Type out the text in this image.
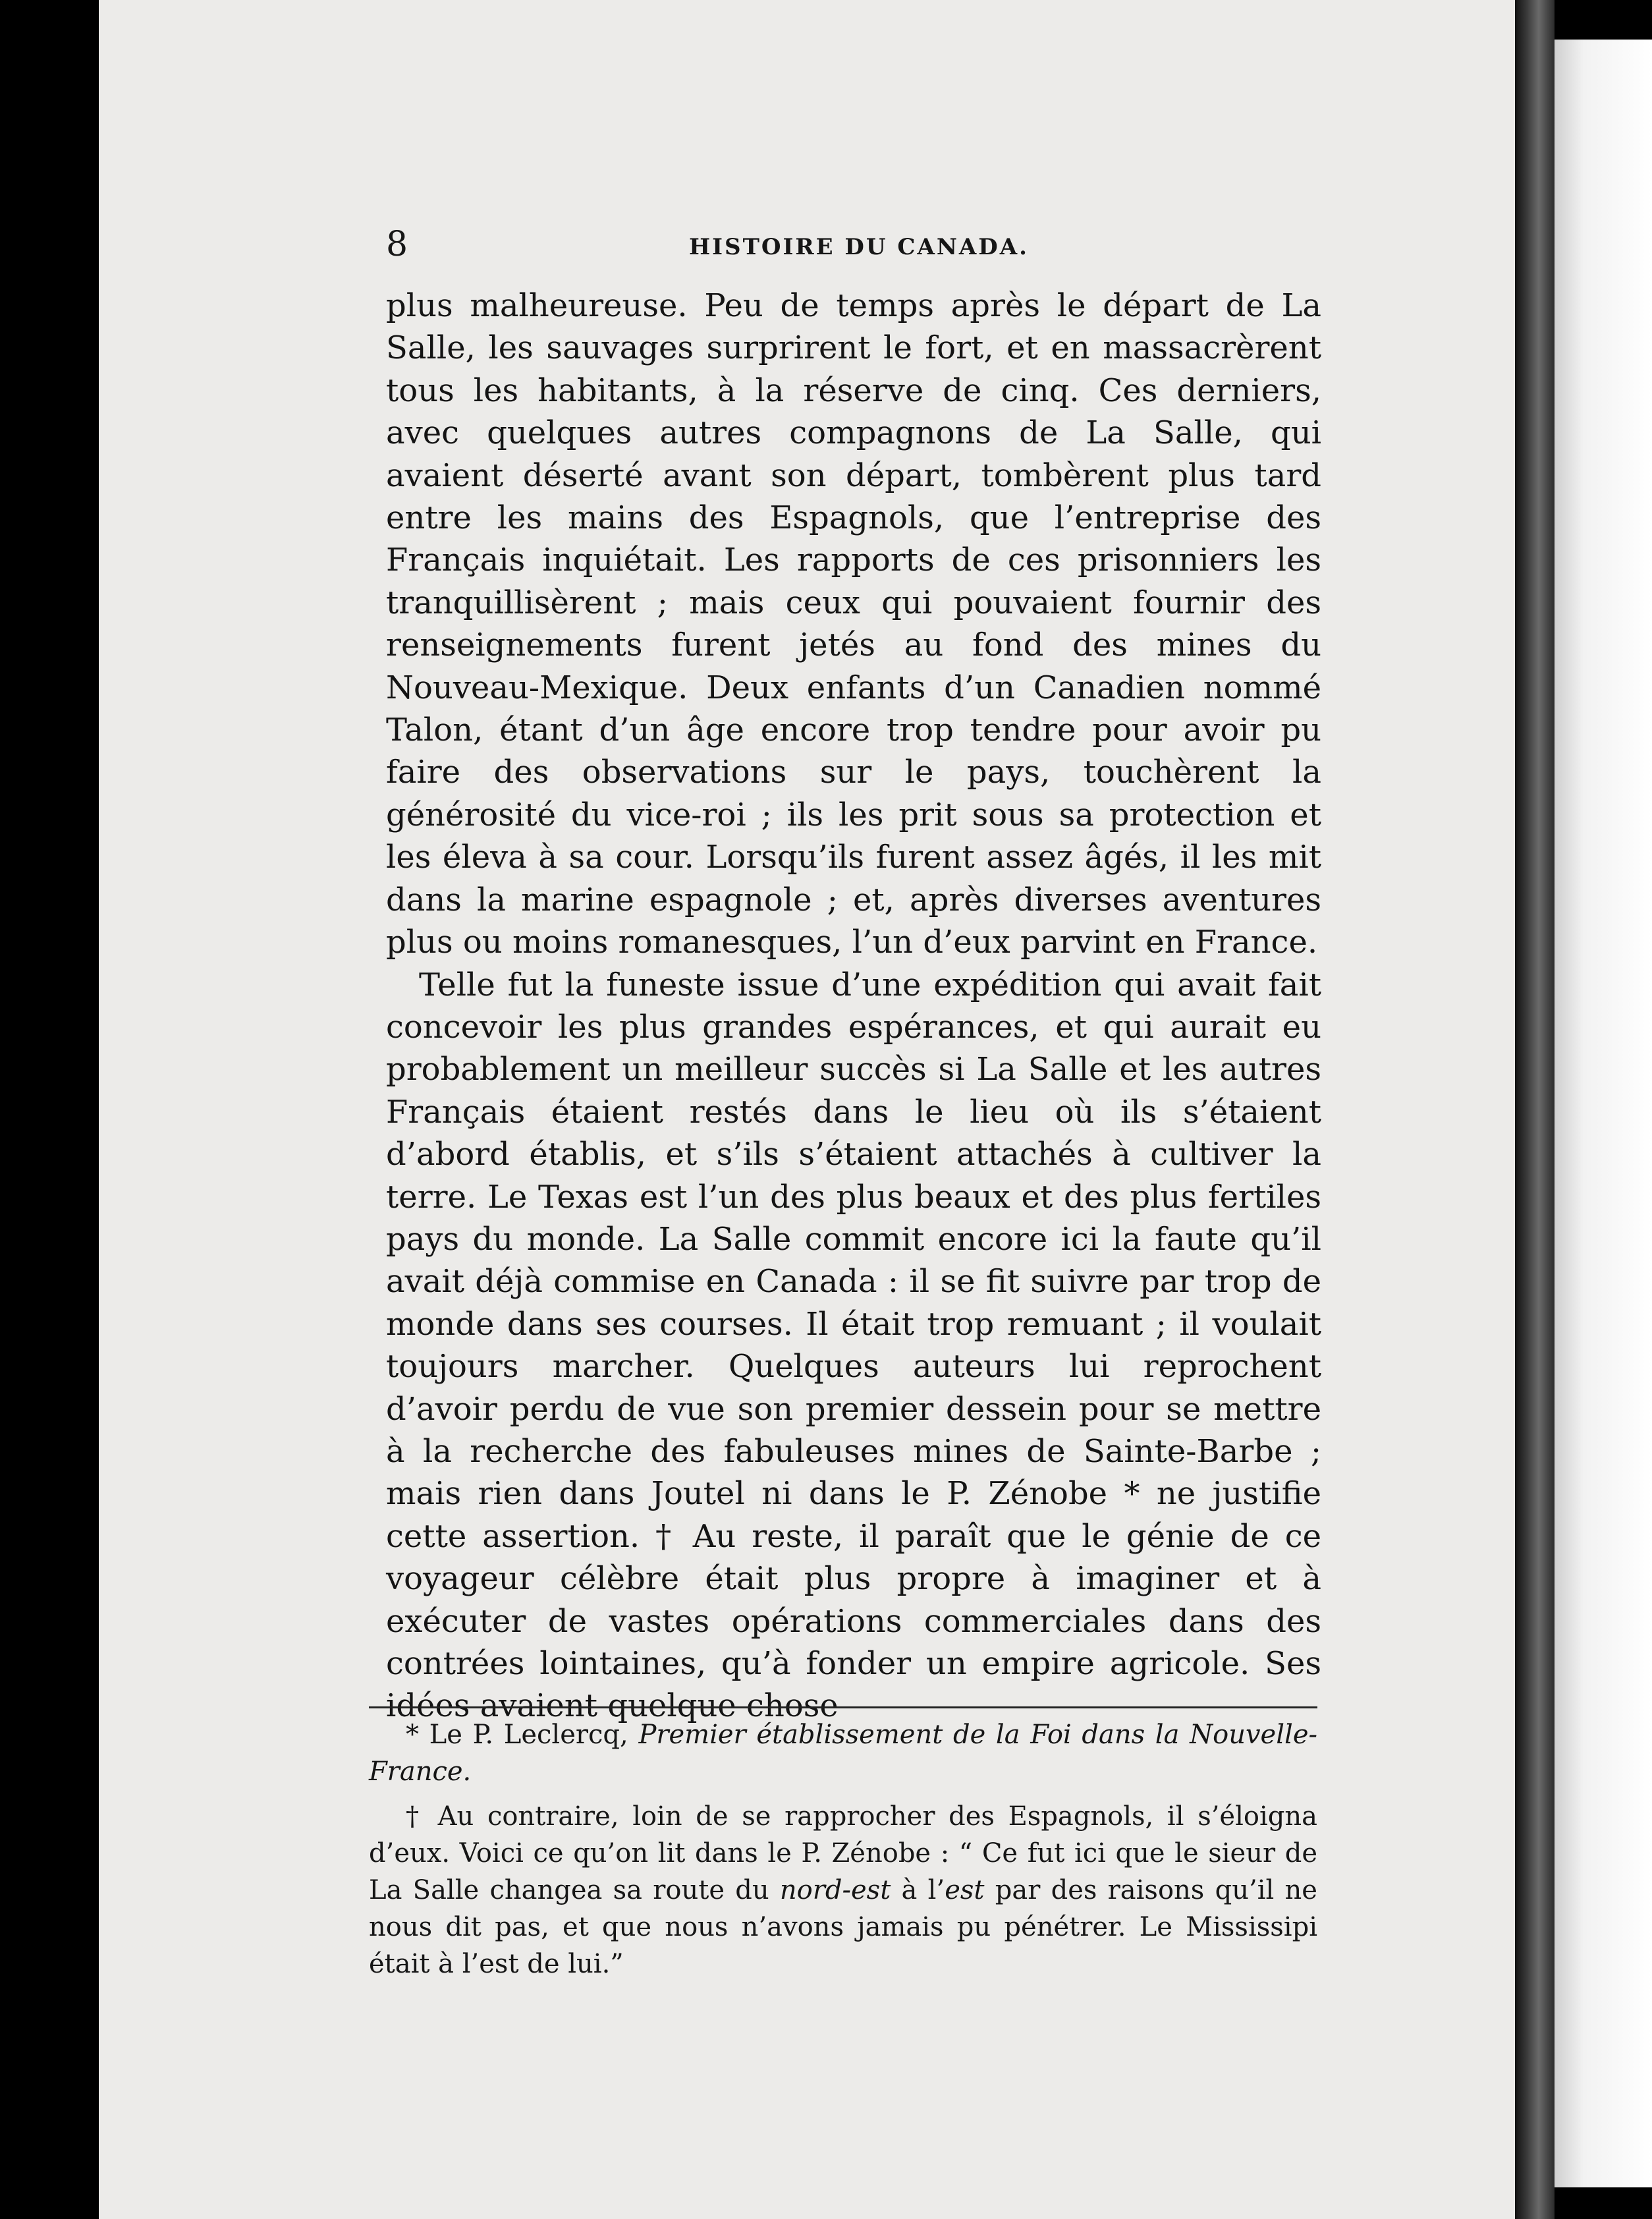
8	HISTOIRE DU CANADA.

plus malheureuse. Peu de temps après le départ de La Salle, les sauvages surprirent le fort, et en massacrèrent tous les habitants, à la réserve de cinq. Ces derniers, avec quelques autres compagnons de La Salle, qui avaient déserté avant son départ, tombèrent plus tard entre les mains des Espagnols, que l’entreprise des Français inquiétait. Les rapports de ces prisonniers les tranquillisèrent ; mais ceux qui pouvaient fournir des renseignements furent jetés au fond des mines du Nouveau-Mexique. Deux enfants d’un Canadien nommé Talon, étant d’un âge encore trop tendre pour avoir pu faire des observations sur le pays, touchèrent la générosité du vice-roi ; ils les prit sous sa protection et les éleva à sa cour. Lorsqu’ils furent assez âgés, il les mit dans la marine espagnole ; et, après diverses aventures plus ou moins romanesques, l’un d’eux parvint en France.

Telle fut la funeste issue d’une expédition qui avait fait concevoir les plus grandes espérances, et qui aurait eu probablement un meilleur succès si La Salle et les autres Français étaient restés dans le lieu où ils s’étaient d’abord établis, et s’ils s’étaient attachés à cultiver la terre. Le Texas est l’un des plus beaux et des plus fertiles pays du monde. La Salle commit encore ici la faute qu’il avait déjà commise en Canada : il se fit suivre par trop de monde dans ses courses. Il était trop remuant ; il voulait toujours marcher. Quelques auteurs lui reprochent d’avoir perdu de vue son premier dessein pour se mettre à la recherche des fabuleuses mines de Sainte-Barbe ; mais rien dans Joutel ni dans le P. Zénobe * ne justifie cette assertion. † Au reste, il paraît que le génie de ce voyageur célèbre était plus propre à imaginer et à exécuter de vastes opérations commerciales dans des contrées lointaines, qu’à fonder un empire agricole. Ses idées avaient quelque chose

* Le P. Leclercq, Premier établissement de la Foi dans la Nouvelle-France.

† Au contraire, loin de se rapprocher des Espagnols, il s’éloigna d’eux. Voici ce qu’on lit dans le P. Zénobe : “ Ce fut ici que le sieur de La Salle changea sa route du nord-est à l’est par des raisons qu’il ne nous dit pas, et que nous n’avons jamais pu pénétrer. Le Mississipi était à l’est de lui.”
